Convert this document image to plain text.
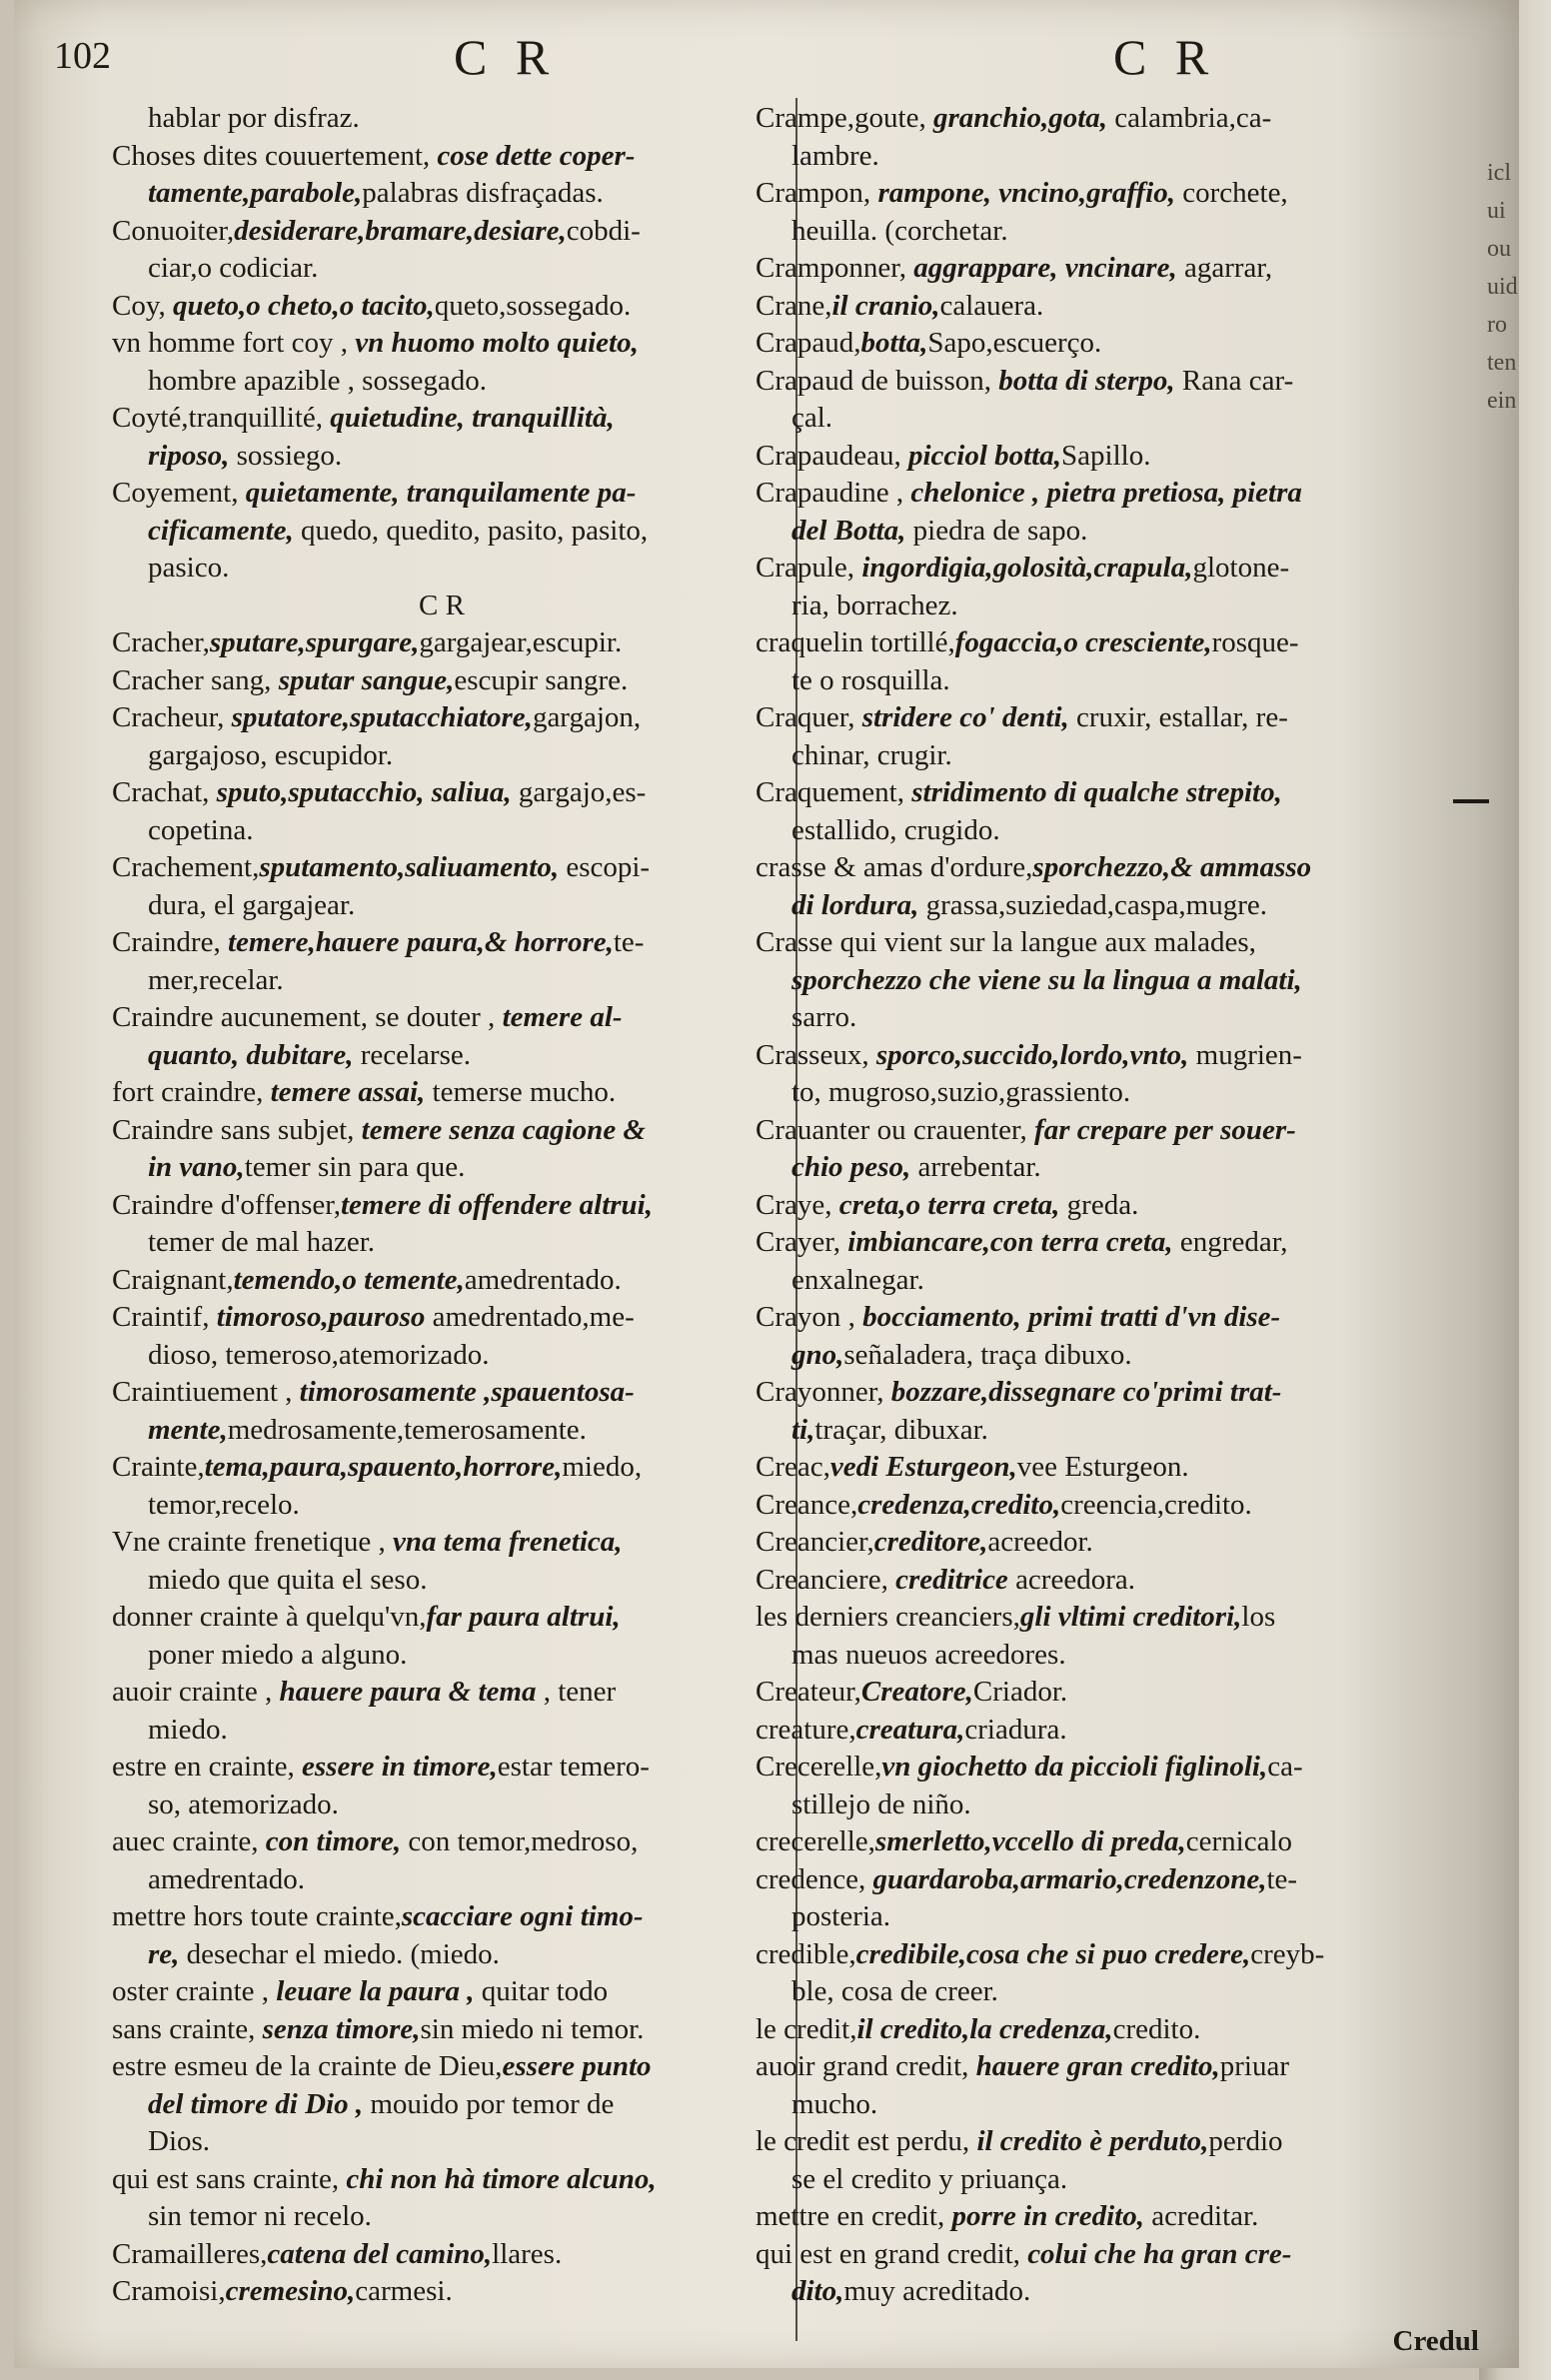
102	C R	C R
hablar por disfraz.
Choses dites couuertement, cose dette coper-
tamente,parabole,palabras disfraçadas.
Conuoiter,desiderare,bramare,desiare,cobdi-
ciar,o codiciar.
Coy, queto,o cheto,o tacito,queto,sossegado.
vn homme fort coy , vn huomo molto quieto,
hombre apazible , sossegado.
Coyté,tranquillité, quietudine, tranquillità,
riposo, sossiego.
Coyement, quietamente, tranquilamente pa-
cificamente, quedo, quedito, pasito, pasito,
pasico.
C R
Cracher,sputare,spurgare,gargajear,escupir.
Cracher sang, sputar sangue,escupir sangre.
Cracheur, sputatore,sputacchiatore,gargajon,
gargajoso, escupidor.
Crachat, sputo,sputacchio, saliua, gargajo,es-
copetina.
Crachement,sputamento,saliuamento, escopi-
dura, el gargajear.
Craindre, temere,hauere paura,& horrore,te-
mer,recelar.
Craindre aucunement, se douter , temere al-
quanto, dubitare, recelarse.
fort craindre, temere assai, temerse mucho.
Craindre sans subjet, temere senza cagione &
in vano,temer sin para que.
Craindre d'offenser,temere di offendere altrui,
temer de mal hazer.
Craignant,temendo,o temente,amedrentado.
Craintif, timoroso,pauroso amedrentado,me-
dioso, temeroso,atemorizado.
Craintiuement , timorosamente ,spauentosa-
mente,medrosamente,temerosamente.
Crainte,tema,paura,spauento,horrore,miedo,
temor,recelo.
Vne crainte frenetique , vna tema frenetica,
miedo que quita el seso.
donner crainte à quelqu'vn,far paura altrui,
poner miedo a alguno.
auoir crainte , hauere paura & tema , tener
miedo.
estre en crainte, essere in timore,estar temero-
so, atemorizado.
auec crainte, con timore, con temor,medroso,
amedrentado.
mettre hors toute crainte,scacciare ogni timo-
re, desechar el miedo. (miedo.
oster crainte , leuare la paura , quitar todo
sans crainte, senza timore,sin miedo ni temor.
estre esmeu de la crainte de Dieu,essere punto
del timore di Dio , mouido por temor de
Dios.
qui est sans crainte, chi non hà timore alcuno,
sin temor ni recelo.
Cramailleres,catena del camino,llares.
Cramoisi,cremesino,carmesi.
Crampe,goute, granchio,gota, calambria,ca-
lambre.
Crampon, rampone, vncino,graffio, corchete,
heuilla. (corchetar.
Cramponner, aggrappare, vncinare, agarrar,
Crane,il cranio,calauera.
Crapaud,botta,Sapo,escuerço.
Crapaud de buisson, botta di sterpo, Rana car-
çal.
Crapaudeau, picciol botta,Sapillo.
Crapaudine , chelonice , pietra pretiosa, pietra
del Botta, piedra de sapo.
Crapule, ingordigia,golosità,crapula,glotone-
ria, borrachez.
craquelin tortillé,fogaccia,o cresciente,rosque-
te o rosquilla.
Craquer, stridere co' denti, cruxir, estallar, re-
chinar, crugir.
Craquement, stridimento di qualche strepito,
estallido, crugido.
crasse & amas d'ordure,sporchezzo,& ammasso
di lordura, grassa,suziedad,caspa,mugre.
Crasse qui vient sur la langue aux malades,
sporchezzo che viene su la lingua a malati,
sarro.
Crasseux, sporco,succido,lordo,vnto, mugrien-
to, mugroso,suzio,grassiento.
Crauanter ou crauenter, far crepare per souer-
chio peso, arrebentar.
Craye, creta,o terra creta, greda.
Crayer, imbiancare,con terra creta, engredar,
enxalnegar.
Crayon , bocciamento, primi tratti d'vn dise-
gno,señaladera, traça dibuxo.
Crayonner, bozzare,dissegnare co'primi trat-
ti,traçar, dibuxar.
Creac,vedi Esturgeon,vee Esturgeon.
Creance,credenza,credito,creencia,credito.
Creancier,creditore,acreedor.
Creanciere, creditrice acreedora.
les derniers creanciers,gli vltimi creditori,los
mas nueuos acreedores.
Createur,Creatore,Criador.
creature,creatura,criadura.
Crecerelle,vn giochetto da piccioli figlinoli,ca-
stillejo de niño.
crecerelle,smerletto,vccello di preda,cernicalo
credence, guardaroba,armario,credenzone,te-
posteria.
credible,credibile,cosa che si puo credere,creyb-
ble, cosa de creer.
le credit,il credito,la credenza,credito.
auoir grand credit, hauere gran credito,priuar
mucho.
le credit est perdu, il credito è perduto,perdio
se el credito y priuança.
mettre en credit, porre in credito, acreditar.
qui est en grand credit, colui che ha gran cre-
dito,muy acreditado.
Credul
icl
ui
ou
uid
ro
ten
ein
